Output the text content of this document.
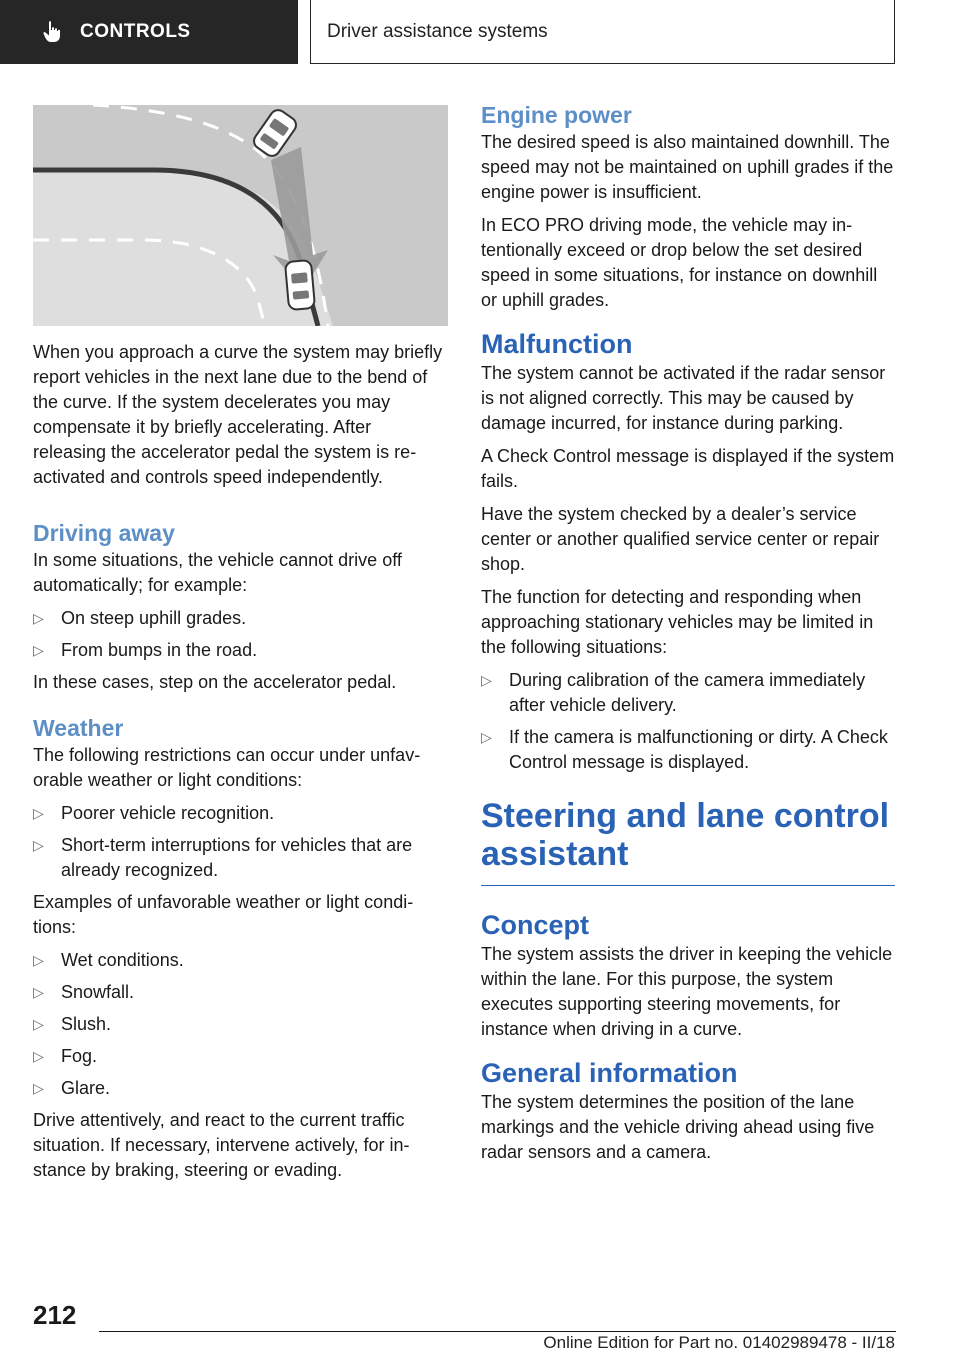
CONTROLS	Driver assistance systems

When you approach a curve the system may briefly report vehicles in the next lane due to the bend of the curve. If the system decelerates you may compensate it by briefly accelerating. After releasing the accelerator pedal the system is reactivated and controls speed independently.

Driving away

In some situations, the vehicle cannot drive off automatically; for example:

▷ On steep uphill grades.
▷ From bumps in the road.

In these cases, step on the accelerator pedal.

Weather

The following restrictions can occur under unfavorable weather or light conditions:

▷ Poorer vehicle recognition.
▷ Short-term interruptions for vehicles that are already recognized.

Examples of unfavorable weather or light conditions:

▷ Wet conditions.
▷ Snowfall.
▷ Slush.
▷ Fog.
▷ Glare.

Drive attentively, and react to the current traffic situation. If necessary, intervene actively, for instance by braking, steering or evading.

Engine power

The desired speed is also maintained downhill. The speed may not be maintained on uphill grades if the engine power is insufficient.

In ECO PRO driving mode, the vehicle may intentionally exceed or drop below the set desired speed in some situations, for instance on downhill or uphill grades.

Malfunction

The system cannot be activated if the radar sensor is not aligned correctly. This may be caused by damage incurred, for instance during parking.

A Check Control message is displayed if the system fails.

Have the system checked by a dealer’s service center or another qualified service center or repair shop.

The function for detecting and responding when approaching stationary vehicles may be limited in the following situations:

▷ During calibration of the camera immediately after vehicle delivery.
▷ If the camera is malfunctioning or dirty. A Check Control message is displayed.
Steering and lane control assistant
Concept

The system assists the driver in keeping the vehicle within the lane. For this purpose, the system executes supporting steering movements, for instance when driving in a curve.

General information

The system determines the position of the lane markings and the vehicle driving ahead using five radar sensors and a camera.

212
Online Edition for Part no. 01402989478 - II/18
